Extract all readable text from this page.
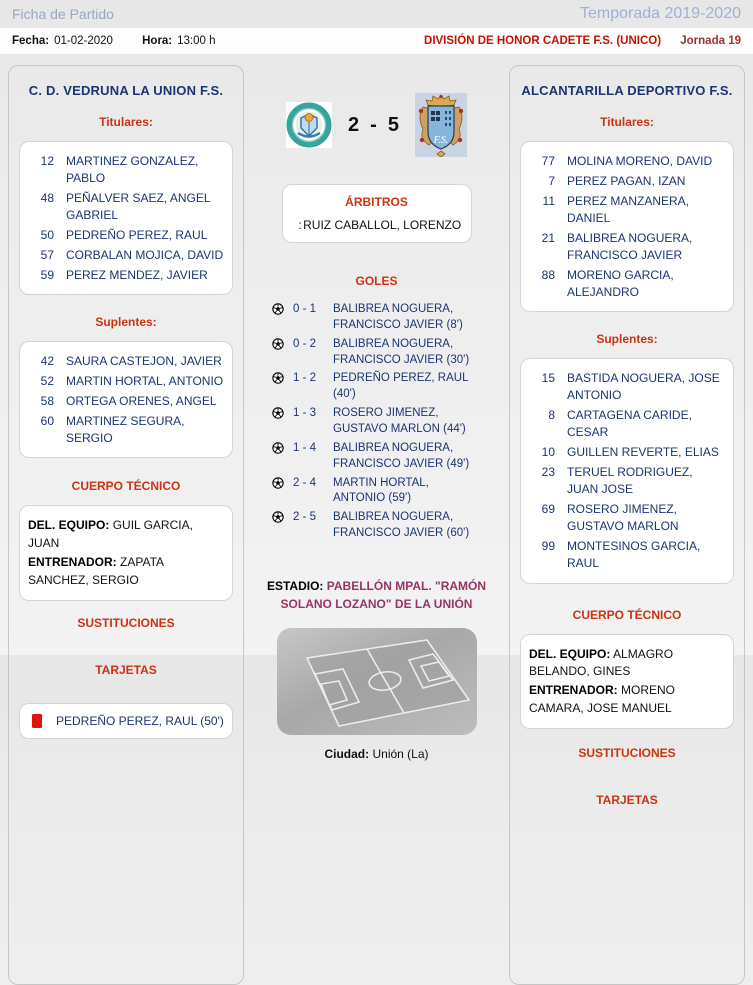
Ficha de Partido	Temporada 2019-2020
Fecha: 01-02-2020	Hora: 13:00 h	DIVISIÓN DE HONOR CADETE F.S. (UNICO) Jornada 19
C. D. VEDRUNA LA UNION F.S.
Titulares:
12 MARTINEZ GONZALEZ, PABLO
48 PEÑALVER SAEZ, ANGEL GABRIEL
50 PEDREÑO PEREZ, RAUL
57 CORBALAN MOJICA, DAVID
59 PEREZ MENDEZ, JAVIER
Suplentes:
42 SAURA CASTEJON, JAVIER
52 MARTIN HORTAL, ANTONIO
58 ORTEGA ORENES, ANGEL
60 MARTINEZ SEGURA, SERGIO
CUERPO TÉCNICO
DEL. EQUIPO: GUIL GARCIA, JUAN
ENTRENADOR: ZAPATA SANCHEZ, SERGIO
SUSTITUCIONES
TARJETAS
PEDREÑO PEREZ, RAUL (50')
2 - 5
F.S.
ÁRBITROS
: RUIZ CABALLOL, LORENZO
GOLES
0 - 1	BALIBREA NOGUERA, FRANCISCO JAVIER (8')
0 - 2	BALIBREA NOGUERA, FRANCISCO JAVIER (30')
1 - 2	PEDREÑO PEREZ, RAUL (40')
1 - 3	ROSERO JIMENEZ, GUSTAVO MARLON (44')
1 - 4	BALIBREA NOGUERA, FRANCISCO JAVIER (49')
2 - 4	MARTIN HORTAL, ANTONIO (59')
2 - 5	BALIBREA NOGUERA, FRANCISCO JAVIER (60')
ESTADIO: PABELLÓN MPAL. "RAMÓN SOLANO LOZANO" DE LA UNIÓN
Ciudad: Unión (La)
ALCANTARILLA DEPORTIVO F.S.
Titulares:
77 MOLINA MORENO, DAVID
7 PEREZ PAGAN, IZAN
11 PEREZ MANZANERA, DANIEL
21 BALIBREA NOGUERA, FRANCISCO JAVIER
88 MORENO GARCIA, ALEJANDRO
Suplentes:
15 BASTIDA NOGUERA, JOSE ANTONIO
8 CARTAGENA CARIDE, CESAR
10 GUILLEN REVERTE, ELIAS
23 TERUEL RODRIGUEZ, JUAN JOSE
69 ROSERO JIMENEZ, GUSTAVO MARLON
99 MONTESINOS GARCIA, RAUL
CUERPO TÉCNICO
DEL. EQUIPO: ALMAGRO BELANDO, GINES
ENTRENADOR: MORENO CAMARA, JOSE MANUEL
SUSTITUCIONES
TARJETAS
